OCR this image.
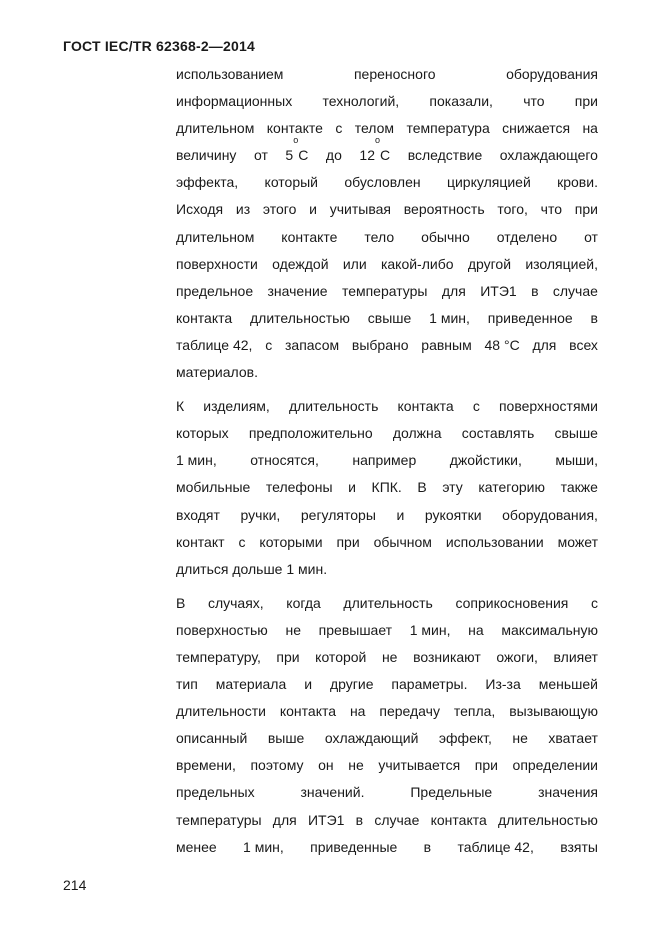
ГОСТ IEC/TR 62368-2—2014
использованием	переносного	оборудования
информационных технологий, показали, что при
длительном контакте с телом температура снижается на
величину от 5$^o$C до 12$^o$C вследствие охлаждающего
эффекта, который обусловлен циркуляцией крови.
Исходя из этого и учитывая вероятность того, что при
длительном контакте тело обычно отделено от
поверхности одеждой или какой-либо другой изоляцией,
предельное значение температуры для ИТЭ1 в случае
контакта длительностью свыше 1 мин, приведенное в
таблице 42, с запасом выбрано равным 48 °C для всех
материалов.
К изделиям, длительность контакта с поверхностями
которых предположительно должна составлять свыше
1 мин, относятся, например джойстики, мыши,
мобильные телефоны и КПК. В эту категорию также
входят ручки, регуляторы и рукоятки оборудования,
контакт с которыми при обычном использовании может
длиться дольше 1 мин.
В случаях, когда длительность соприкосновения с
поверхностью не превышает 1 мин, на максимальную
температуру, при которой не возникают ожоги, влияет
тип материала и другие параметры. Из-за меньшей
длительности контакта на передачу тепла, вызывающую
описанный выше охлаждающий эффект, не хватает
времени, поэтому он не учитывается при определении
предельных	значений.	Предельные	значения
температуры для ИТЭ1 в случае контакта длительностью
менее 1 мин, приведенные в таблице 42, взяты
214
